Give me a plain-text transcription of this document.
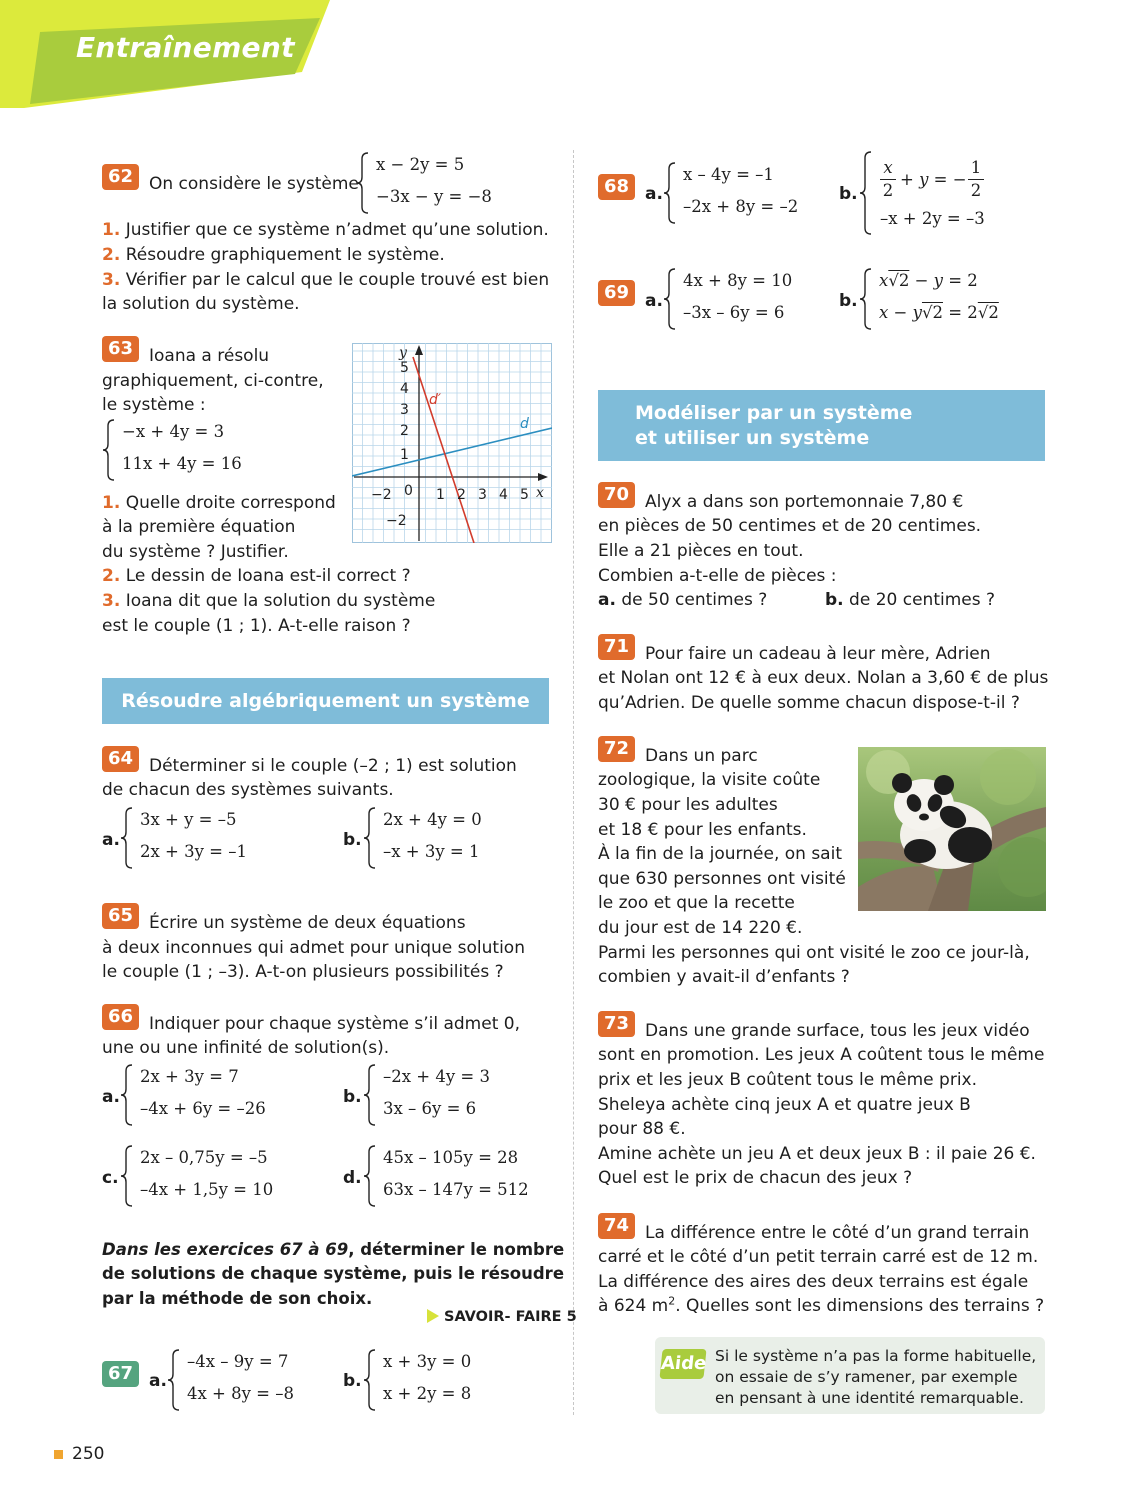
Entraînement
62 On considère le système
x − 2y = 5
−3x − y = −8
1. Justifier que ce système n’admet qu’une solution.
2. Résoudre graphiquement le système.
3. Vérifier par le calcul que le couple trouvé est bien
la solution du système.
63 Ioana a résolu
graphiquement, ci-contre,
le système :
−x + 4y = 3
11x + 4y = 16
1. Quelle droite correspond
à la première équation
du système ? Justifier.
2. Le dessin de Ioana est-il correct ?
3. Ioana dit que la solution du système
est le couple (1 ; 1). A-t-elle raison ?
−2 0 1 2 3 4 5
5
4
3
2
1
−2
x
y
d
d′
Résoudre algébriquement un système
64 Déterminer si le couple (–2 ; 1) est solution
de chacun des systèmes suivants.
a.
3x + y = –5
2x + 3y = –1
b.
2x + 4y = 0
–x + 3y = 1
65 Écrire un système de deux équations
à deux inconnues qui admet pour unique solution
le couple (1 ; –3). A-t-on plusieurs possibilités ?
66 Indiquer pour chaque système s’il admet 0,
une ou une infinité de solution(s).
a.
2x + 3y = 7
–4x + 6y = –26
b.
–2x + 4y = 3
3x – 6y = 6
c.
2x – 0,75y = –5
–4x + 1,5y = 10
d.
45x – 105y = 28
63x – 147y = 512
Dans les exercices 67 à 69, déterminer le nombre
de solutions de chaque système, puis le résoudre
par la méthode de son choix.
SAVOIR- FAIRE 5
67 a.
–4x – 9y = 7
4x + 8y = –8
b.
x + 3y = 0
x + 2y = 8
68 a.
x – 4y = –1
–2x + 8y = –2
b.
x
2
+ y = −
1
2
–x + 2y = –3
69 a.
4x + 8y = 10
–3x – 6y = 6
b.
x√2 − y = 2
x − y√2 = 2√2
Modéliser par un système
et utiliser un système
70 Alyx a dans son portemonnaie 7,80 €
en pièces de 50 centimes et de 20 centimes.
Elle a 21 pièces en tout.
Combien a-t-elle de pièces :
a. de 50 centimes ?	b. de 20 centimes ?
71 Pour faire un cadeau à leur mère, Adrien
et Nolan ont 12 € à eux deux. Nolan a 3,60 € de plus
qu’Adrien. De quelle somme chacun dispose-t-il ?
72 Dans un parc
zoologique, la visite coûte
30 € pour les adultes
et 18 € pour les enfants.
À la fin de la journée, on sait
que 630 personnes ont visité
le zoo et que la recette
du jour est de 14 220 €.
Parmi les personnes qui ont visité le zoo ce jour-là,
combien y avait-il d’enfants ?
73 Dans une grande surface, tous les jeux vidéo
sont en promotion. Les jeux A coûtent tous le même
prix et les jeux B coûtent tous le même prix.
Sheleya achète cinq jeux A et quatre jeux B
pour 88 €.
Amine achète un jeu A et deux jeux B : il paie 26 €.
Quel est le prix de chacun des jeux ?
74 La différence entre le côté d’un grand terrain
carré et le côté d’un petit terrain carré est de 12 m.
La différence des aires des deux terrains est égale
à 624 $m^2$. Quelles sont les dimensions des terrains ?
Aide Si le système n’a pas la forme habituelle,
on essaie de s’y ramener, par exemple
en pensant à une identité remarquable.
250
